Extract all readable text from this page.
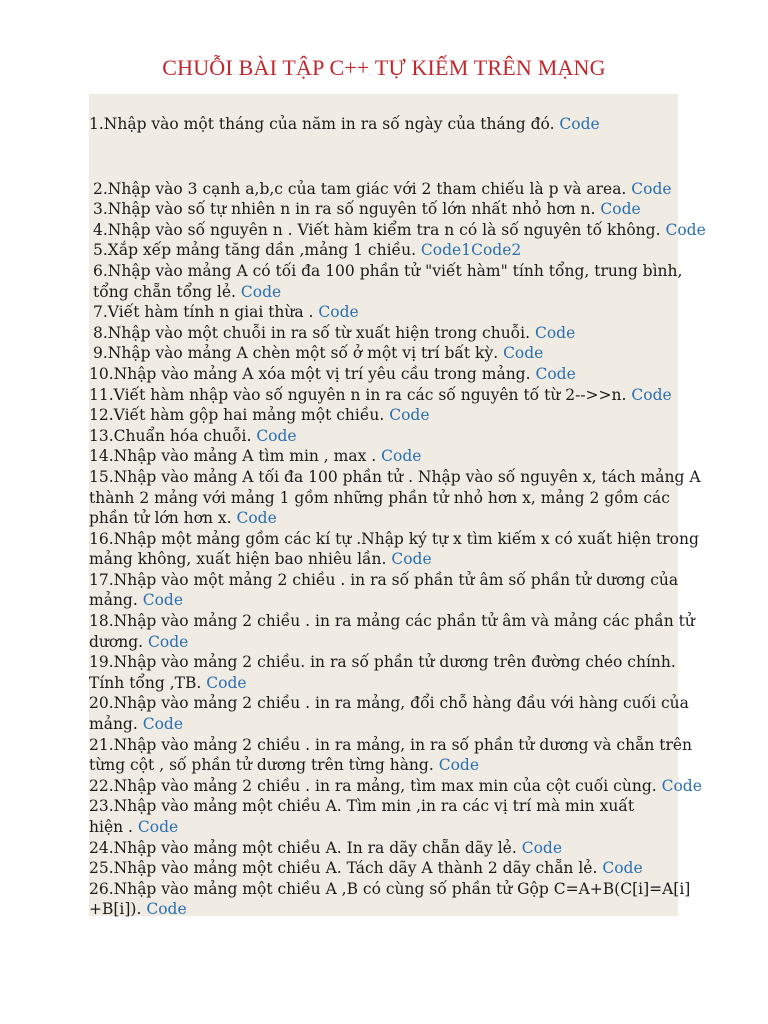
CHUỖI BÀI TẬP C++ TỰ KIẾM TRÊN MẠNG
1.Nhập vào một tháng của năm in ra số ngày của tháng đó. Code
2.Nhập vào 3 cạnh a,b,c của tam giác với 2 tham chiếu là p và area. Code
3.Nhập vào số tự nhiên n in ra số nguyên tố lớn nhất nhỏ hơn n. Code
4.Nhập vào số nguyên n . Viết hàm kiểm tra n có là số nguyên tố không. Code
5.Xắp xếp mảng tăng dần ,mảng 1 chiều. Code1Code2
6.Nhập vào mảng A có tối đa 100 phần tử "viết hàm" tính tổng, trung bình,
tổng chẵn tổng lẻ. Code
7.Viết hàm tính n giai thừa . Code
8.Nhập vào một chuỗi in ra số từ xuất hiện trong chuỗi. Code
9.Nhập vào mảng A chèn một số ở một vị trí bất kỳ. Code
10.Nhập vào mảng A xóa một vị trí yêu cầu trong mảng. Code
11.Viết hàm nhập vào số nguyên n in ra các số nguyên tố từ 2-->>n. Code
12.Viết hàm gộp hai mảng một chiều. Code
13.Chuẩn hóa chuỗi. Code
14.Nhập vào mảng A tìm min , max . Code
15.Nhập vào mảng A tối đa 100 phần tử . Nhập vào số nguyên x, tách mảng A
thành 2 mảng với mảng 1 gồm những phần tử nhỏ hơn x, mảng 2 gồm các
phần tử lớn hơn x. Code
16.Nhập một mảng gồm các kí tự .Nhập ký tự x tìm kiếm x có xuất hiện trong
mảng không, xuất hiện bao nhiêu lần. Code
17.Nhập vào một mảng 2 chiều . in ra số phần tử âm số phần tử dương của
mảng. Code
18.Nhập vào mảng 2 chiều . in ra mảng các phần tử âm và mảng các phần tử
dương. Code
19.Nhập vào mảng 2 chiều. in ra số phần tử dương trên đường chéo chính.
Tính tổng ,TB. Code
20.Nhập vào mảng 2 chiều . in ra mảng, đổi chỗ hàng đầu với hàng cuối của
mảng. Code
21.Nhập vào mảng 2 chiều . in ra mảng, in ra số phần tử dương và chẵn trên
từng cột , số phần tử dương trên từng hàng. Code
22.Nhập vào mảng 2 chiều . in ra mảng, tìm max min của cột cuối cùng. Code
23.Nhập vào mảng một chiều A. Tìm min ,in ra các vị trí mà min xuất
hiện . Code
24.Nhập vào mảng một chiều A. In ra dãy chẵn dãy lẻ. Code
25.Nhập vào mảng một chiều A. Tách dãy A thành 2 dãy chẵn lẻ. Code
26.Nhập vào mảng một chiều A ,B có cùng số phần tử Gộp C=A+B(C[i]=A[i]
+B[i]). Code
